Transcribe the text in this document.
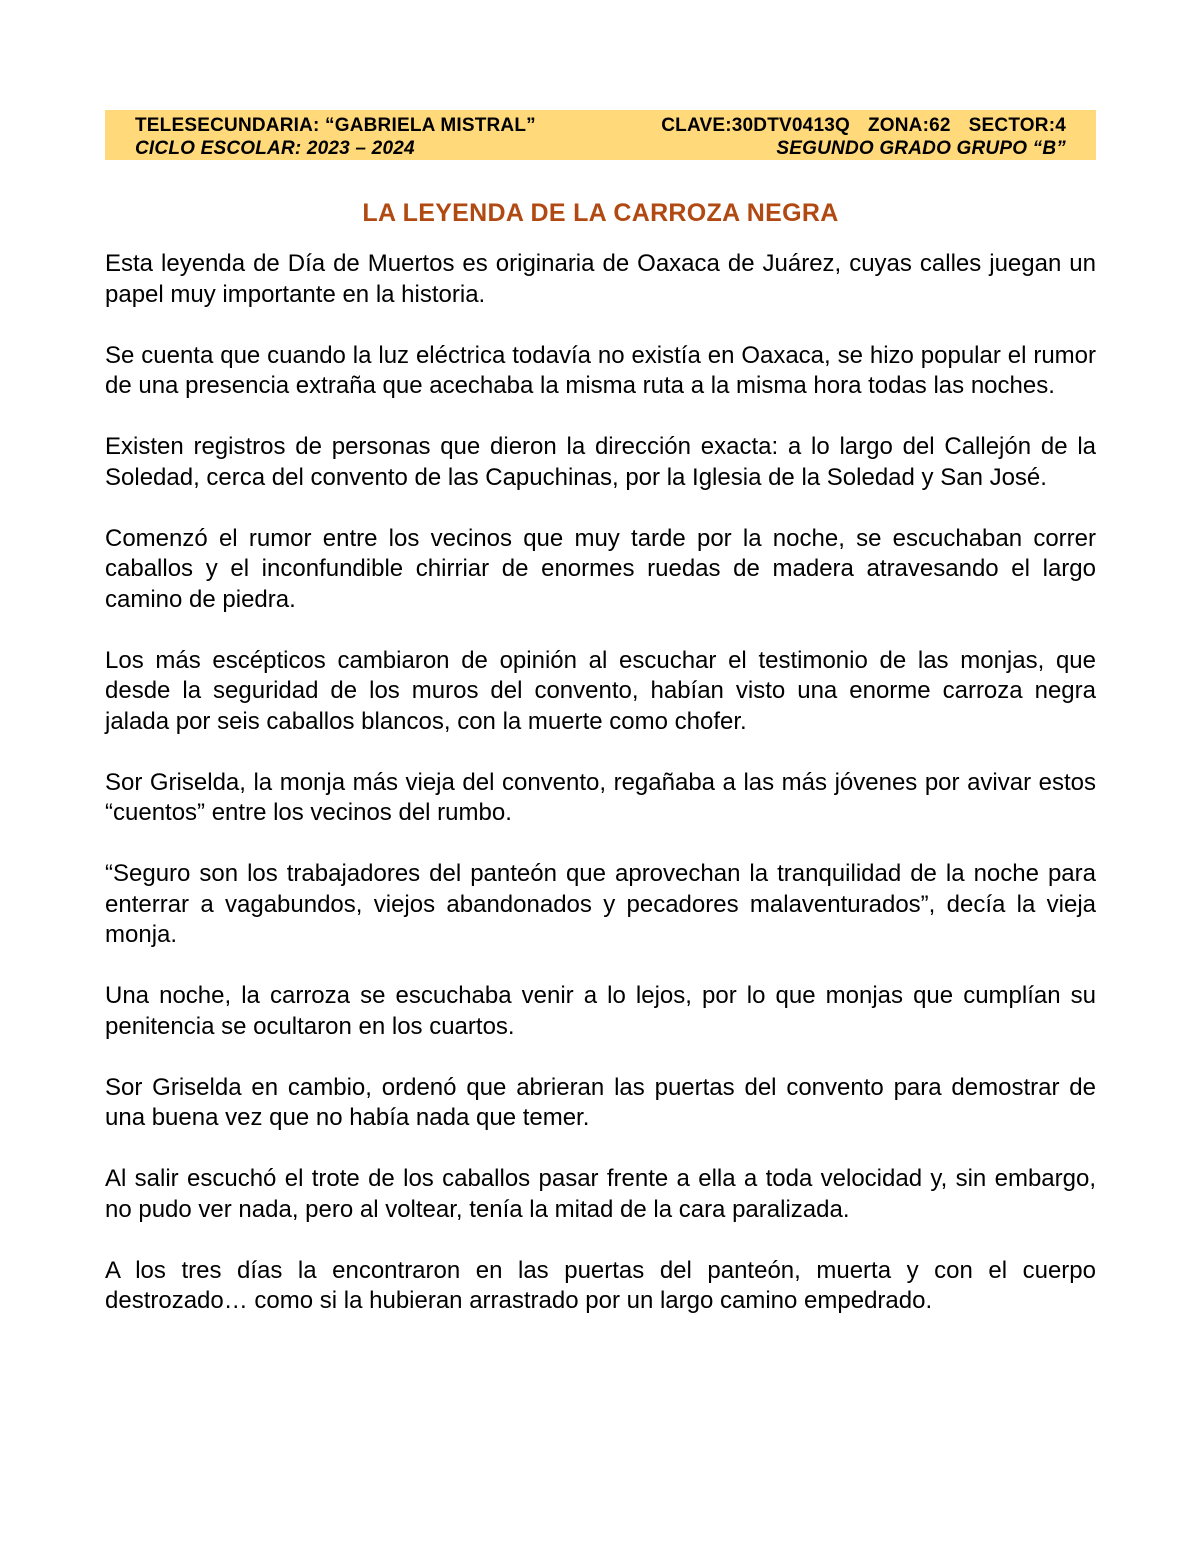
TELESECUNDARIA: “GABRIELA MISTRAL”	CLAVE:30DTV0413Q ZONA:62 SECTOR:4
CICLO ESCOLAR: 2023 – 2024	SEGUNDO GRADO GRUPO “B”
LA LEYENDA DE LA CARROZA NEGRA

Esta leyenda de Día de Muertos es originaria de Oaxaca de Juárez, cuyas calles juegan un papel muy importante en la historia.

Se cuenta que cuando la luz eléctrica todavía no existía en Oaxaca, se hizo popular el rumor de una presencia extraña que acechaba la misma ruta a la misma hora todas las noches.

Existen registros de personas que dieron la dirección exacta: a lo largo del Callejón de la Soledad, cerca del convento de las Capuchinas, por la Iglesia de la Soledad y San José.

Comenzó el rumor entre los vecinos que muy tarde por la noche, se escuchaban correr caballos y el inconfundible chirriar de enormes ruedas de madera atravesando el largo camino de piedra.

Los más escépticos cambiaron de opinión al escuchar el testimonio de las monjas, que desde la seguridad de los muros del convento, habían visto una enorme carroza negra jalada por seis caballos blancos, con la muerte como chofer.

Sor Griselda, la monja más vieja del convento, regañaba a las más jóvenes por avivar estos “cuentos” entre los vecinos del rumbo.

“Seguro son los trabajadores del panteón que aprovechan la tranquilidad de la noche para enterrar a vagabundos, viejos abandonados y pecadores malaventurados”, decía la vieja monja.

Una noche, la carroza se escuchaba venir a lo lejos, por lo que monjas que cumplían su penitencia se ocultaron en los cuartos.

Sor Griselda en cambio, ordenó que abrieran las puertas del convento para demostrar de una buena vez que no había nada que temer.

Al salir escuchó el trote de los caballos pasar frente a ella a toda velocidad y, sin embargo, no pudo ver nada, pero al voltear, tenía la mitad de la cara paralizada.

A los tres días la encontraron en las puertas del panteón, muerta y con el cuerpo destrozado… como si la hubieran arrastrado por un largo camino empedrado.
